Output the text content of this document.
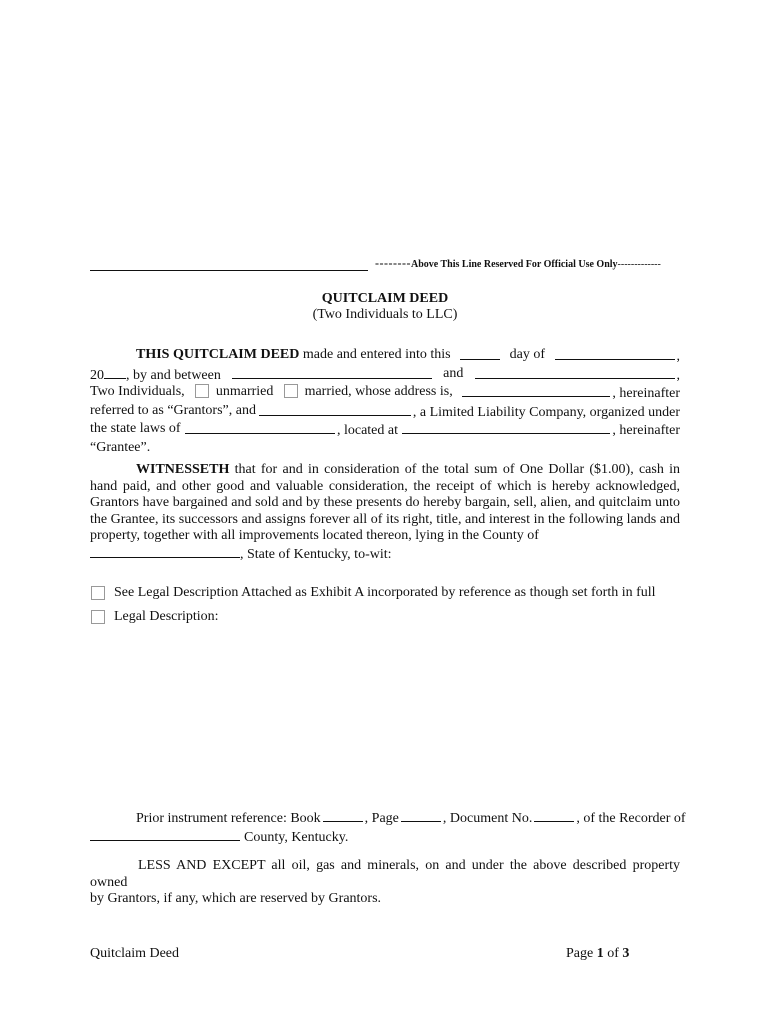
--------Above This Line Reserved For Official Use Only-------------
QUITCLAIM DEED
(Two Individuals to LLC)
THIS QUITCLAIM DEED made and entered into this	day of	,
20 , by and between	and	,
Two Individuals,	unmarried	married, whose address is,	, hereinafter
referred to as “Grantors”, and	, a Limited Liability Company, organized under
the state laws of	, located at	, hereinafter
“Grantee”.

WITNESSETH that for and in consideration of the total sum of One Dollar ($1.00), cash in hand paid, and other good and valuable consideration, the receipt of which is hereby acknowledged, Grantors have bargained and sold and by these presents do hereby bargain, sell, alien, and quitclaim unto the Grantee, its successors and assigns forever all of its right, title, and interest in the following lands and property, together with all improvements located thereon, lying in the County of

, State of Kentucky, to-wit:
See Legal Description Attached as Exhibit A incorporated by reference as though set forth in full
Legal Description:
Prior instrument reference: Book	, Page	, Document No.	, of the Recorder of
County, Kentucky.
LESS AND EXCEPT all oil, gas and minerals, on and under the above described property owned
by Grantors, if any, which are reserved by Grantors.
Quitclaim Deed	Page 1 of 3
